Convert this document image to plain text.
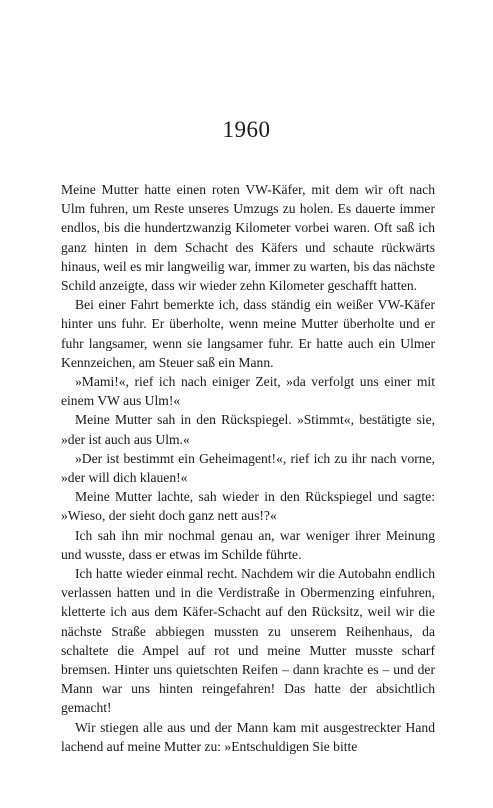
1960

Meine Mutter hatte einen roten VW-Käfer, mit dem wir oft nach Ulm fuhren, um Reste unseres Umzugs zu holen. Es dauerte immer endlos, bis die hundertzwanzig Kilometer vorbei waren. Oft saß ich ganz hinten in dem Schacht des Käfers und schaute rückwärts hinaus, weil es mir langweilig war, immer zu warten, bis das nächste Schild anzeigte, dass wir wieder zehn Kilometer geschafft hatten.

Bei einer Fahrt bemerkte ich, dass ständig ein weißer VW-Käfer hinter uns fuhr. Er überholte, wenn meine Mutter überholte und er fuhr langsamer, wenn sie langsamer fuhr. Er hatte auch ein Ulmer Kennzeichen, am Steuer saß ein Mann.

»Mami!«, rief ich nach einiger Zeit, »da verfolgt uns einer mit einem VW aus Ulm!«

Meine Mutter sah in den Rückspiegel. »Stimmt«, bestätigte sie, »der ist auch aus Ulm.«

»Der ist bestimmt ein Geheimagent!«, rief ich zu ihr nach vorne, »der will dich klauen!«

Meine Mutter lachte, sah wieder in den Rückspiegel und sagte: »Wieso, der sieht doch ganz nett aus!?«

Ich sah ihn mir nochmal genau an, war weniger ihrer Meinung und wusste, dass er etwas im Schilde führte.

Ich hatte wieder einmal recht. Nachdem wir die Autobahn endlich verlassen hatten und in die Verdistraße in Obermenzing einfuhren, kletterte ich aus dem Käfer-Schacht auf den Rücksitz, weil wir die nächste Straße abbiegen mussten zu unserem Reihenhaus, da schaltete die Ampel auf rot und meine Mutter musste scharf bremsen. Hinter uns quietschten Reifen – dann krachte es – und der Mann war uns hinten reingefahren! Das hatte der absichtlich gemacht!

Wir stiegen alle aus und der Mann kam mit ausgestreckter Hand lachend auf meine Mutter zu: »Entschuldigen Sie bitte
